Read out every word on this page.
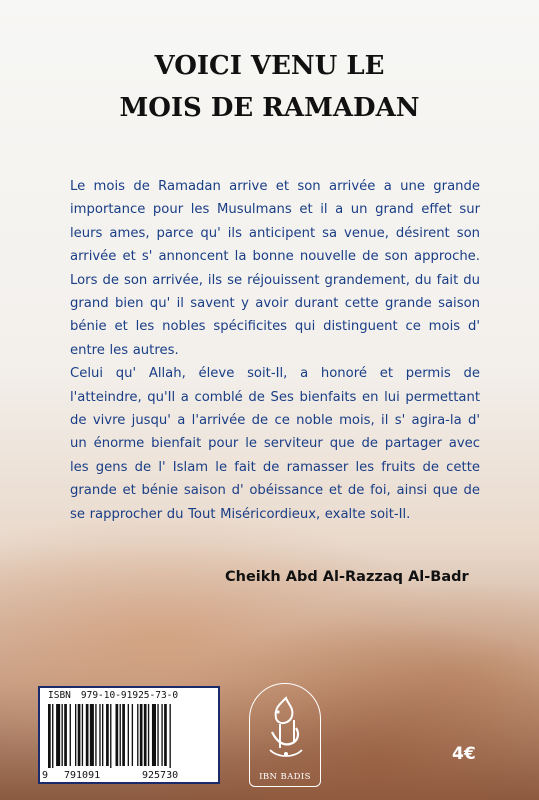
VOICI VENU LE
MOIS DE RAMADAN

Le mois de Ramadan arrive et son arrivée a une grande importance pour les Musulmans et il a un grand effet sur leurs ames, parce qu' ils anticipent sa venue, désirent son arrivée et s' annoncent la bonne nouvelle de son approche. Lors de son arrivée, ils se réjouissent grandement, du fait du grand bien qu' il savent y avoir durant cette grande saison bénie et les nobles spécificites qui distinguent ce mois d' entre les autres.

Celui qu' Allah, éleve soit-Il, a honoré et permis de l'atteindre, qu'Il a comblé de Ses bienfaits en lui permettant de vivre jusqu' a l'arrivée de ce noble mois, il s' agira-la d' un énorme bienfait pour le serviteur que de partager avec les gens de l' Islam le fait de ramasser les fruits de cette grande et bénie saison d' obéissance et de foi, ainsi que de se rapprocher du Tout Miséricordieux, exalte soit-Il.

Cheikh Abd Al-Razzaq Al-Badr
ISBN 979-10-91925-73-0
9 791091	925730	IBN BADIS
4€
